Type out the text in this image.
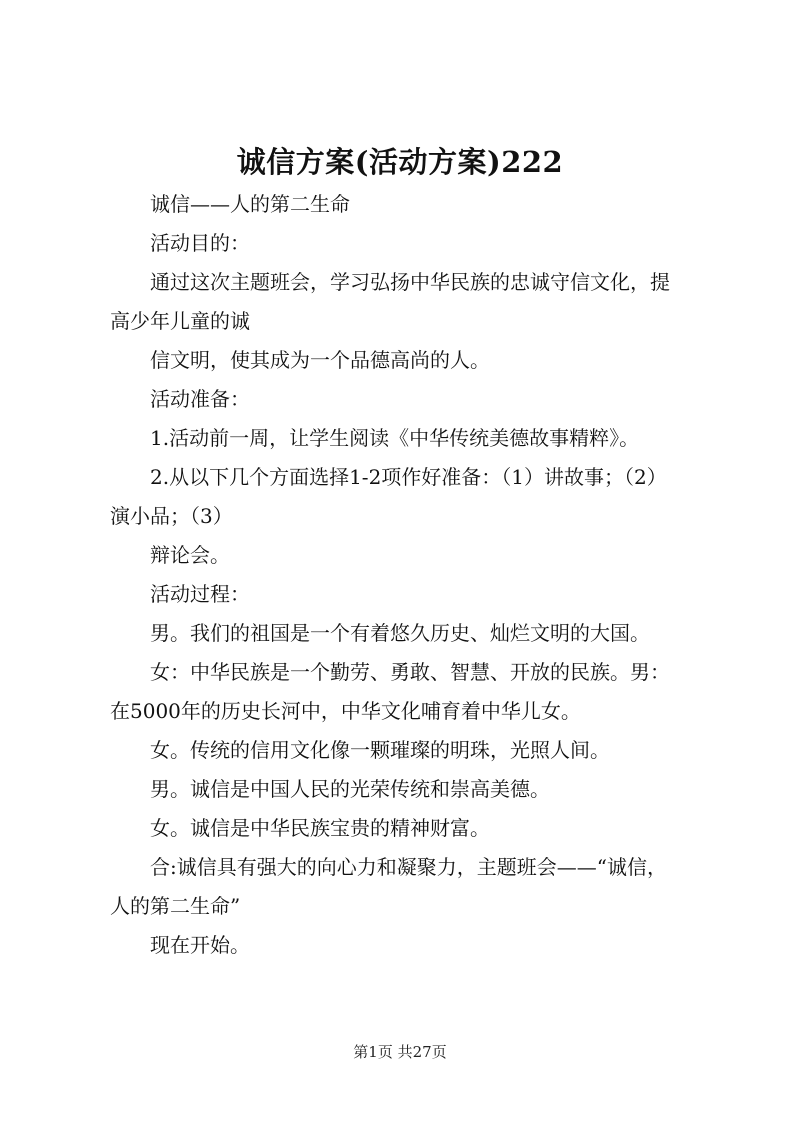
诚信方案(活动方案)222

诚信——人的第二生命

活动目的：

通过这次主题班会，学习弘扬中华民族的忠诚守信文化，提

高少年儿童的诚

信文明，使其成为一个品德高尚的人。

活动准备：

1.活动前一周，让学生阅读《中华传统美德故事精粹》。

2.从以下几个方面选择1-2项作好准备：（1）讲故事；（2）

演小品；（3）

辩论会。

活动过程：

男。我们的祖国是一个有着悠久历史、灿烂文明的大国。

女：中华民族是一个勤劳、勇敢、智慧、开放的民族。男：

在5000年的历史长河中，中华文化哺育着中华儿女。

女。传统的信用文化像一颗璀璨的明珠，光照人间。

男。诚信是中国人民的光荣传统和崇高美德。

女。诚信是中华民族宝贵的精神财富。

合:诚信具有强大的向心力和凝聚力，主题班会——“诚信，

人的第二生命”

现在开始。

第1页 共27页
